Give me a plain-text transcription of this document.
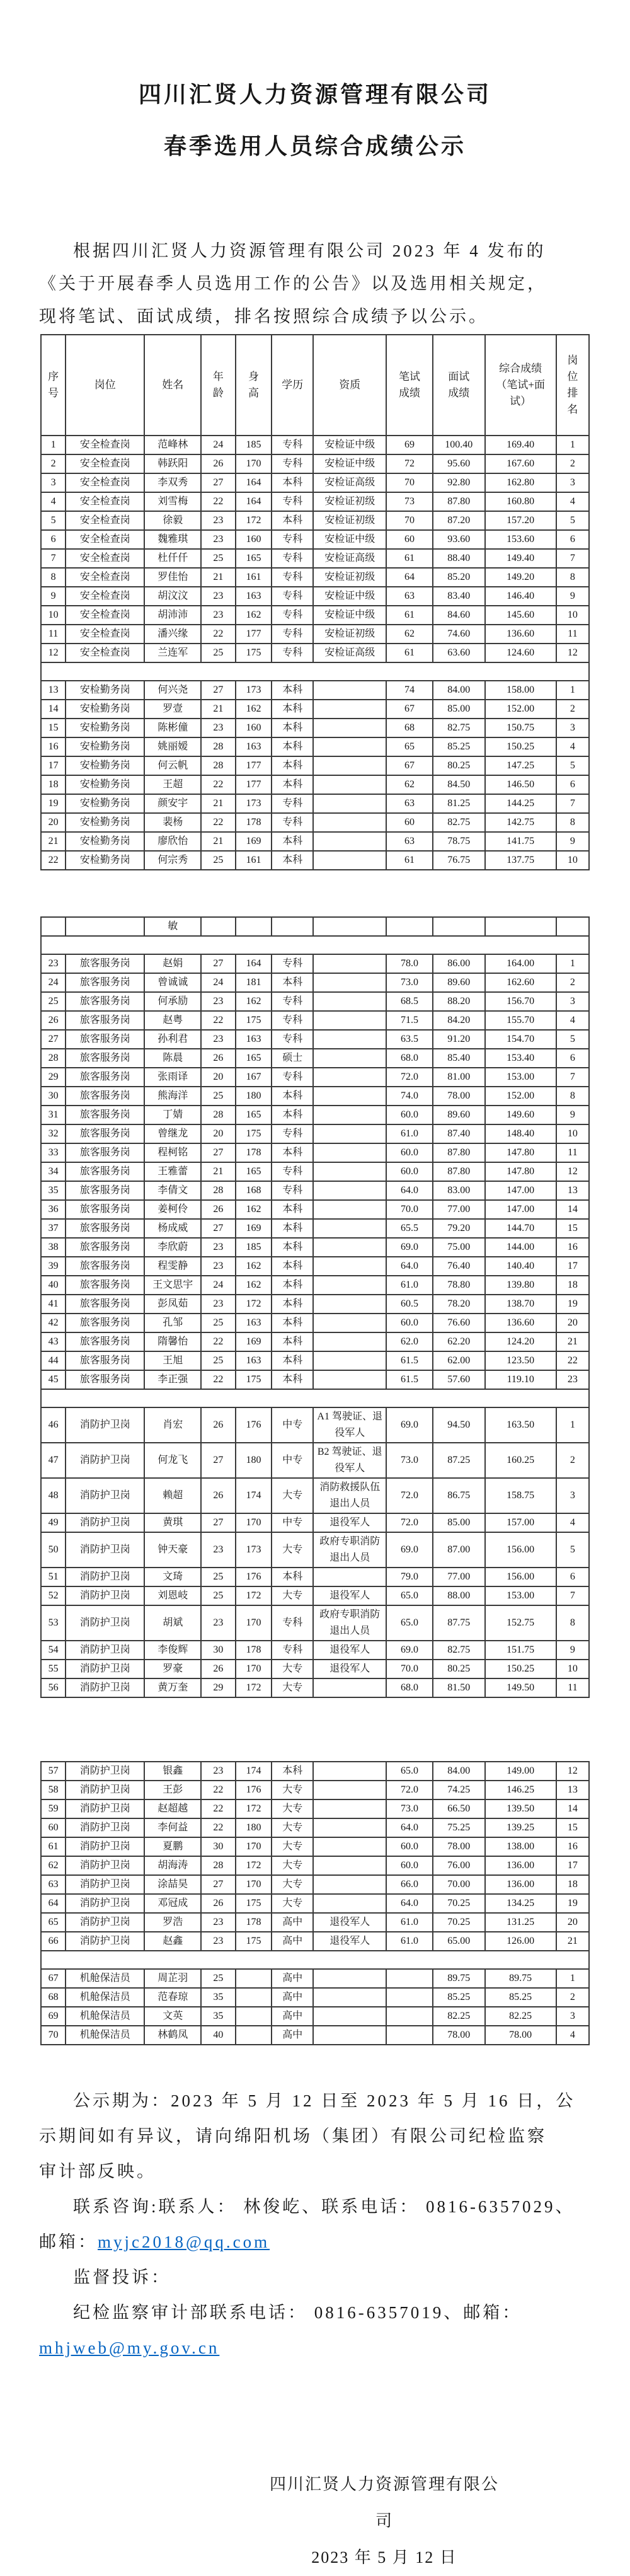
四川汇贤人力资源管理有限公司
春季选用人员综合成绩公示
根据四川汇贤人力资源管理有限公司 2023 年 4 发布的
《关于开展春季人员选用工作的公告》以及选用相关规定，
现将笔试、面试成绩，排名按照综合成绩予以公示。
序号	岗位	姓名	年龄	身高	学历	资质	笔试成绩	面试成绩	综合成绩（笔试+面试）	岗位排名
1	安全检查岗	范峰林	24	185	专科	安检证中级	69	100.40	169.40	1
2	安全检查岗	韩跃阳	26	170	专科	安检证中级	72	95.60	167.60	2
3	安全检查岗	李双秀	27	164	本科	安检证高级	70	92.80	162.80	3
4	安全检查岗	刘雪梅	22	164	专科	安检证初级	73	87.80	160.80	4
5	安全检查岗	徐毅	23	172	本科	安检证初级	70	87.20	157.20	5
6	安全检查岗	魏雅琪	23	160	专科	安检证中级	60	93.60	153.60	6
7	安全检查岗	杜仟仟	25	165	专科	安检证高级	61	88.40	149.40	7
8	安全检查岗	罗佳怡	21	161	专科	安检证初级	64	85.20	149.20	8
9	安全检查岗	胡汶汶	23	163	专科	安检证中级	63	83.40	146.40	9
10	安全检查岗	胡沛沛	23	162	专科	安检证中级	61	84.60	145.60	10
11	安全检查岗	潘兴缘	22	177	专科	安检证初级	62	74.60	136.60	11
12	安全检查岗	兰连军	25	175	专科	安检证高级	61	63.60	124.60	12

13	安检勤务岗	何兴尧	27	173	本科		74	84.00	158.00	1
14	安检勤务岗	罗壹	21	162	本科		67	85.00	152.00	2
15	安检勤务岗	陈彬僮	23	160	本科		68	82.75	150.75	3
16	安检勤务岗	姚丽嫒	28	163	本科		65	85.25	150.25	4
17	安检勤务岗	何云帆	28	177	本科		67	80.25	147.25	5
18	安检勤务岗	王超	22	177	本科		62	84.50	146.50	6
19	安检勤务岗	颜安宇	21	173	专科		63	81.25	144.25	7
20	安检勤务岗	裴杨	22	178	专科		60	82.75	142.75	8
21	安检勤务岗	廖欣怡	21	169	本科		63	78.75	141.75	9
22	安检勤务岗	何宗秀	25	161	本科		61	76.75	137.75	10
		敏								

23	旅客服务岗	赵娟	27	164	专科		78.0	86.00	164.00	1
24	旅客服务岗	曾诚诚	24	181	本科		73.0	89.60	162.60	2
25	旅客服务岗	何承励	23	162	专科		68.5	88.20	156.70	3
26	旅客服务岗	赵粤	22	175	专科		71.5	84.20	155.70	4
27	旅客服务岗	孙利君	23	163	专科		63.5	91.20	154.70	5
28	旅客服务岗	陈晨	26	165	硕士		68.0	85.40	153.40	6
29	旅客服务岗	张雨译	20	167	专科		72.0	81.00	153.00	7
30	旅客服务岗	熊海洋	25	180	本科		74.0	78.00	152.00	8
31	旅客服务岗	丁婧	28	165	本科		60.0	89.60	149.60	9
32	旅客服务岗	曾继龙	20	175	专科		61.0	87.40	148.40	10
33	旅客服务岗	程柯铭	27	178	本科		60.0	87.80	147.80	11
34	旅客服务岗	王雅蕾	21	165	专科		60.0	87.80	147.80	12
35	旅客服务岗	李倩文	28	168	专科		64.0	83.00	147.00	13
36	旅客服务岗	姜柯伶	26	162	本科		70.0	77.00	147.00	14
37	旅客服务岗	杨成威	27	169	本科		65.5	79.20	144.70	15
38	旅客服务岗	李欣蔚	23	185	本科		69.0	75.00	144.00	16
39	旅客服务岗	程雯静	23	162	本科		64.0	76.40	140.40	17
40	旅客服务岗	王文思宇	24	162	本科		61.0	78.80	139.80	18
41	旅客服务岗	彭凤茹	23	172	本科		60.5	78.20	138.70	19
42	旅客服务岗	孔邹	25	163	本科		60.0	76.60	136.60	20
43	旅客服务岗	隋馨怡	22	169	本科		62.0	62.20	124.20	21
44	旅客服务岗	王旭	25	163	本科		61.5	62.00	123.50	22
45	旅客服务岗	李正强	22	175	本科		61.5	57.60	119.10	23

46	消防护卫岗	肖宏	26	176	中专	A1 驾驶证、退役军人	69.0	94.50	163.50	1
47	消防护卫岗	何龙飞	27	180	中专	B2 驾驶证、退役军人	73.0	87.25	160.25	2
48	消防护卫岗	赖超	26	174	大专	消防救援队伍退出人员	72.0	86.75	158.75	3
49	消防护卫岗	黄琪	27	170	中专	退役军人	72.0	85.00	157.00	4
50	消防护卫岗	钟天豪	23	173	大专	政府专职消防退出人员	69.0	87.00	156.00	5
51	消防护卫岗	文琦	25	176	本科		79.0	77.00	156.00	6
52	消防护卫岗	刘恩岐	25	172	大专	退役军人	65.0	88.00	153.00	7
53	消防护卫岗	胡斌	23	170	专科	政府专职消防退出人员	65.0	87.75	152.75	8
54	消防护卫岗	李俊辉	30	178	专科	退役军人	69.0	82.75	151.75	9
55	消防护卫岗	罗豪	26	170	大专	退役军人	70.0	80.25	150.25	10
56	消防护卫岗	黄万奎	29	172	大专		68.0	81.50	149.50	11
57	消防护卫岗	银鑫	23	174	本科		65.0	84.00	149.00	12
58	消防护卫岗	王彭	22	176	大专		72.0	74.25	146.25	13
59	消防护卫岗	赵超越	22	172	大专		73.0	66.50	139.50	14
60	消防护卫岗	李何益	22	180	大专		64.0	75.25	139.25	15
61	消防护卫岗	夏鹏	30	170	大专		60.0	78.00	138.00	16
62	消防护卫岗	胡海涛	28	172	大专		60.0	76.00	136.00	17
63	消防护卫岗	涂喆昊	27	170	大专		66.0	70.00	136.00	18
64	消防护卫岗	邓冠成	26	175	大专		64.0	70.25	134.25	19
65	消防护卫岗	罗浩	23	178	高中	退役军人	61.0	70.25	131.25	20
66	消防护卫岗	赵鑫	23	175	高中	退役军人	61.0	65.00	126.00	21

67	机舱保洁员	周芷羽	25		高中			89.75	89.75	1
68	机舱保洁员	范春琼	35		高中			85.25	85.25	2
69	机舱保洁员	文英	35		高中			82.25	82.25	3
70	机舱保洁员	林鹤凤	40		高中			78.00	78.00	4
公示期为：2023 年 5 月 12 日至 2023 年 5 月 16 日，公
示期间如有异议，请向绵阳机场（集团）有限公司纪检监察
审计部反映。
联系咨询:联系人： 林俊屹、联系电话： 0816-6357029、
邮箱：myjc2018@qq.com
监督投诉：
纪检监察审计部联系电话： 0816-6357019、邮箱：
mhjweb@my.gov.cn
四川汇贤人力资源管理有限公司
2023 年 5 月 12 日
